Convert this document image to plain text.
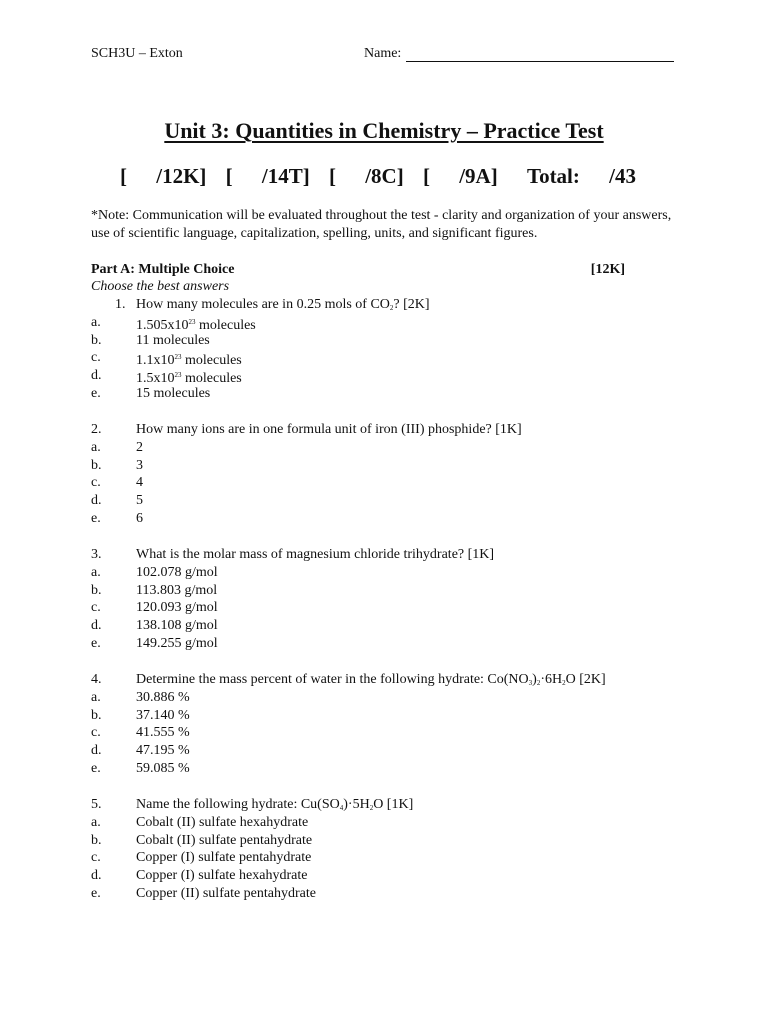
SCH3U – Exton	Name:
Unit 3: Quantities in Chemistry – Practice Test
[ /12K] [ /14T] [ /8C] [ /9A] Total: /43
*Note: Communication will be evaluated throughout the test - clarity and organization of your answers, use of scientific language, capitalization, spelling, units, and significant figures.
Part A: Multiple Choice	[12K]
Choose the best answers
1. How many molecules are in 0.25 mols of $CO_2$? [2K]
a.	$1.505x10^{23}$ molecules
b. 11 molecules
c.	$1.1x10^{23}$ molecules
d. $1.5x10^{23}$ molecules
e.	15 molecules
2. How many ions are in one formula unit of iron (III) phosphide? [1K]
a.	2
b. 3
c.	4
d. 5
e.	6
3. What is the molar mass of magnesium chloride trihydrate? [1K]
a.	102.078 g/mol
b. 113.803 g/mol
c.	120.093 g/mol
d. 138.108 g/mol
e.	149.255 g/mol
4. Determine the mass percent of water in the following hydrate: $Co(NO_3)_2\cdot 6H_2O$ [2K]
a.	30.886 %
b. 37.140 %
c.	41.555 %
d. 47.195 %
e.	59.085 %
5. Name the following hydrate: $Cu(SO_4)\cdot 5H_2O$ [1K]
a.	Cobalt (II) sulfate hexahydrate
b. Cobalt (II) sulfate pentahydrate
c.	Copper (I) sulfate pentahydrate
d. Copper (I) sulfate hexahydrate
e.	Copper (II) sulfate pentahydrate
